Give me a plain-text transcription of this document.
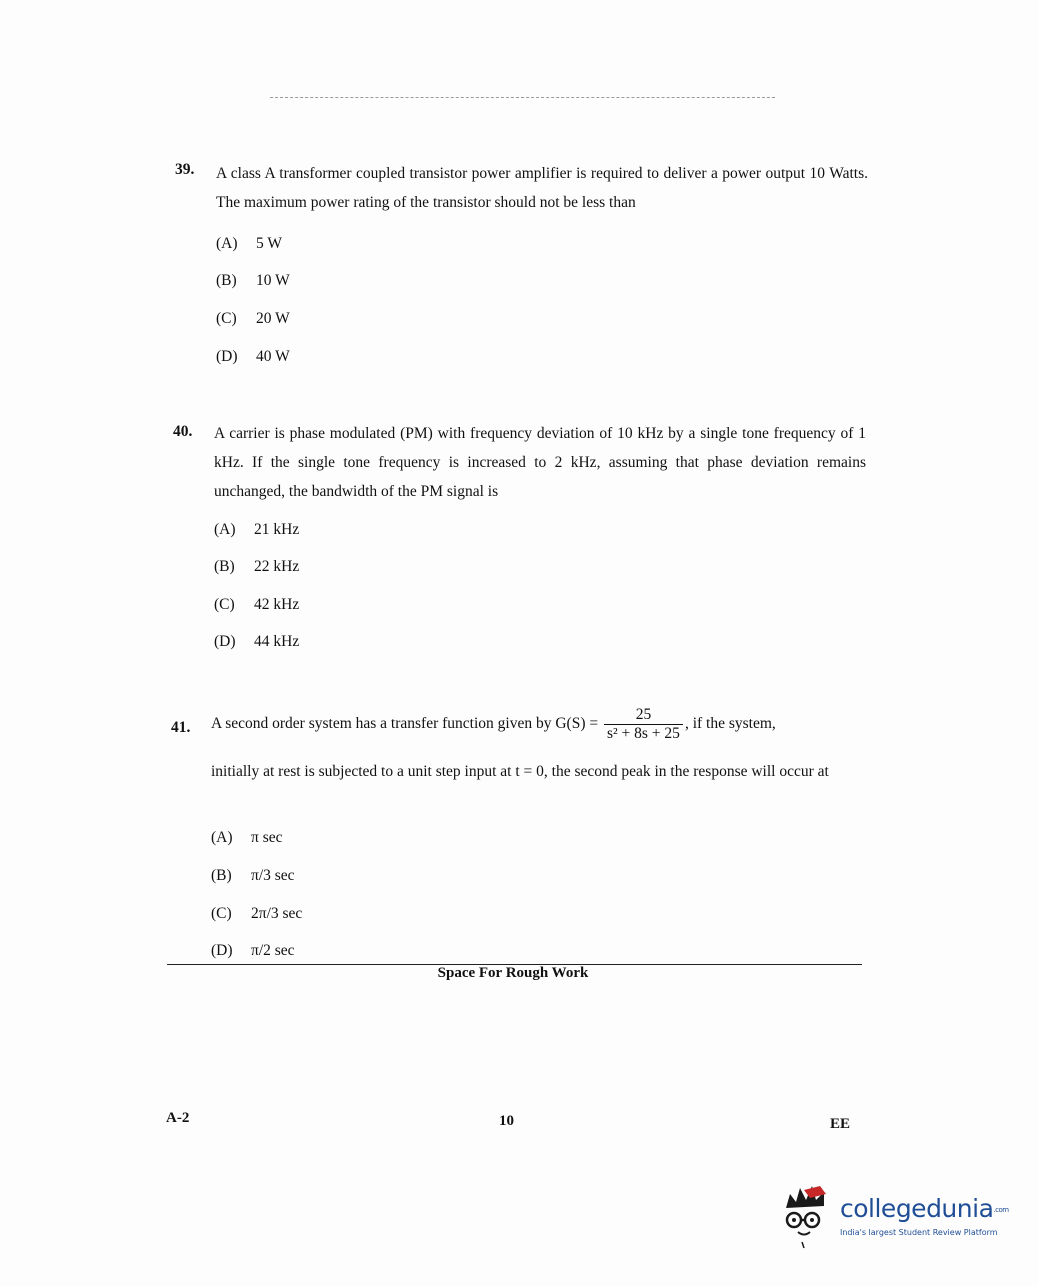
39. A class A transformer coupled transistor power amplifier is required to deliver a power output 10 Watts. The maximum power rating of the transistor should not be less than
(A) 5 W
(B) 10 W
(C) 20 W
(D) 40 W
40. A carrier is phase modulated (PM) with frequency deviation of 10 kHz by a single tone frequency of 1 kHz. If the single tone frequency is increased to 2 kHz, assuming that phase deviation remains unchanged, the bandwidth of the PM signal is
(A) 21 kHz
(B) 22 kHz
(C) 42 kHz
(D) 44 kHz
41. A second order system has a transfer function given by $G(S) = \frac{25}{\text{s² + 8s + 25}}$ , if the system,
initially at rest is subjected to a unit step input at t = 0, the second peak in the response will occur at
(A) π sec
(B) π/3 sec
(C) 2π/3 sec
(D) π/2 sec
Space For Rough Work
A-2	10	EE
collegedunia.com
India's largest Student Review Platform
